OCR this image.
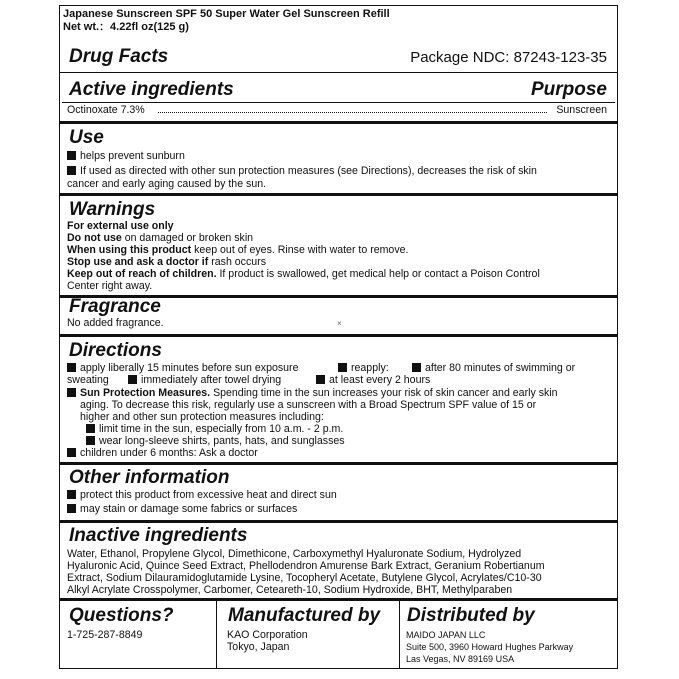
Japanese Sunscreen SPF 50 Super Water Gel Sunscreen Refill
Net wt.：4.22fl oz(125 g)
Drug Facts	Package NDC: 87243-123-35
Active ingredients	Purpose
Octinoxate 7.3%	Sunscreen
Use
helps prevent sunburn
If used as directed with other sun protection measures (see Directions), decreases the risk of skin
cancer and early aging caused by the sun.
Warnings
For external use only
Do not use on damaged or broken skin
When using this product keep out of eyes. Rinse with water to remove.
Stop use and ask a doctor if rash occurs
Keep out of reach of children. If product is swallowed, get medical help or contact a Poison Control
Center right away.
Fragrance
No added fragrance.	×
Directions
apply liberally 15 minutes before sun exposure	reapply:	after 80 minutes of swimming or
sweating	immediately after towel drying	at least every 2 hours
Sun Protection Measures. Spending time in the sun increases your risk of skin cancer and early skin
aging. To decrease this risk, regularly use a sunscreen with a Broad Spectrum SPF value of 15 or
higher and other sun protection measures including:
limit time in the sun, especially from 10 a.m. - 2 p.m.
wear long-sleeve shirts, pants, hats, and sunglasses
children under 6 months: Ask a doctor
Other information
protect this product from excessive heat and direct sun
may stain or damage some fabrics or surfaces
Inactive ingredients
Water, Ethanol, Propylene Glycol, Dimethicone, Carboxymethyl Hyaluronate Sodium, Hydrolyzed
Hyaluronic Acid, Quince Seed Extract, Phellodendron Amurense Bark Extract, Geranium Robertianum
Extract, Sodium Dilauramidoglutamide Lysine, Tocopheryl Acetate, Butylene Glycol, Acrylates/C10-30
Alkyl Acrylate Crosspolymer, Carbomer, Ceteareth-10, Sodium Hydroxide, BHT, Methylparaben
Questions?
1-725-287-8849
Manufactured by
KAO Corporation
Tokyo, Japan
Distributed by
MAIDO JAPAN LLC
Suite 500, 3960 Howard Hughes Parkway
Las Vegas, NV 89169 USA
